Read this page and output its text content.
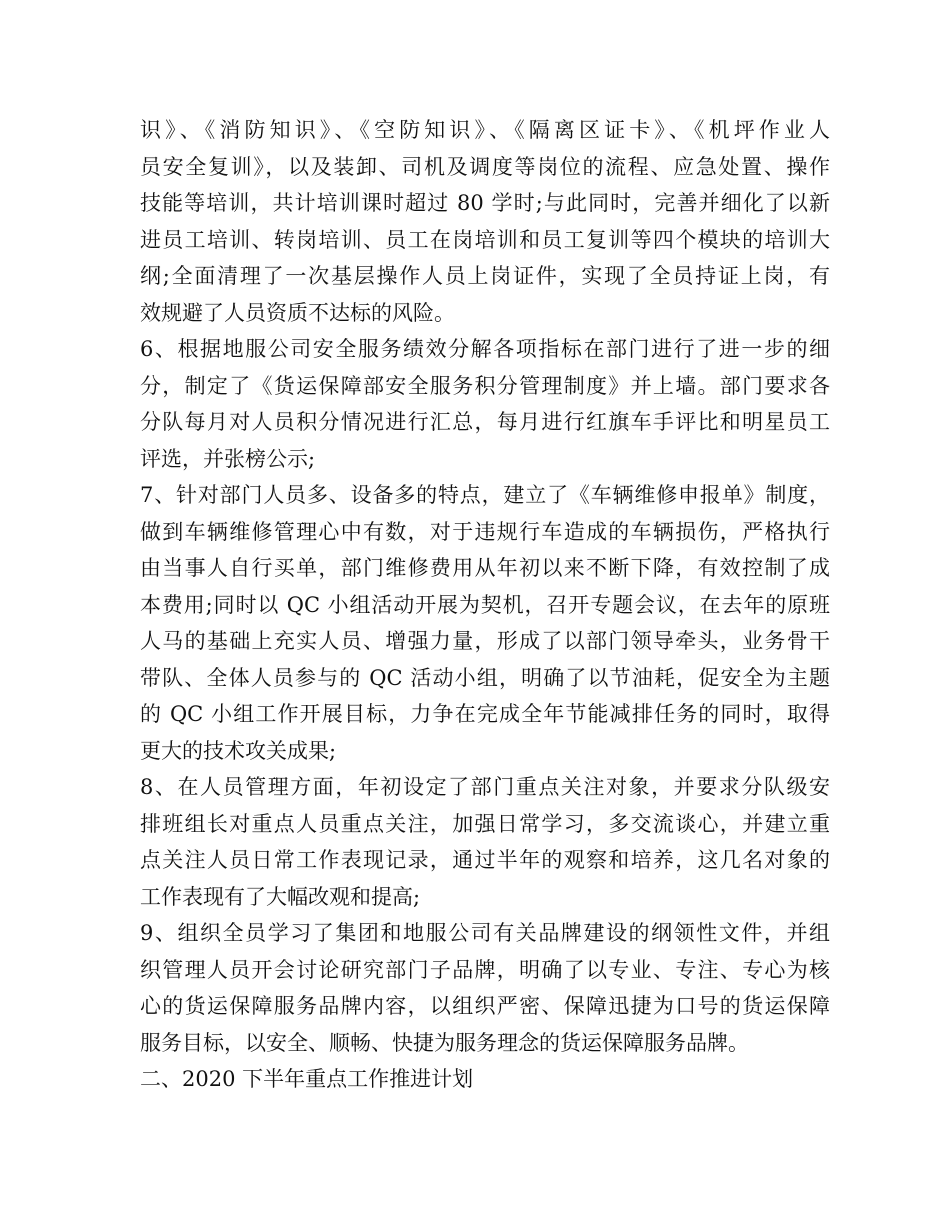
识》、《消防知识》、《空防知识》、《隔离区证卡》、《机坪作业人
员安全复训》，以及装卸、司机及调度等岗位的流程、应急处置、操作
技能等培训，共计培训课时超过 80 学时;与此同时，完善并细化了以新
进员工培训、转岗培训、员工在岗培训和员工复训等四个模块的培训大
纲;全面清理了一次基层操作人员上岗证件，实现了全员持证上岗，有
效规避了人员资质不达标的风险。
6、根据地服公司安全服务绩效分解各项指标在部门进行了进一步的细
分，制定了《货运保障部安全服务积分管理制度》并上墙。部门要求各
分队每月对人员积分情况进行汇总，每月进行红旗车手评比和明星员工
评选，并张榜公示;
7、针对部门人员多、设备多的特点，建立了《车辆维修申报单》制度，
做到车辆维修管理心中有数，对于违规行车造成的车辆损伤，严格执行
由当事人自行买单，部门维修费用从年初以来不断下降，有效控制了成
本费用;同时以 QC 小组活动开展为契机，召开专题会议，在去年的原班
人马的基础上充实人员、增强力量，形成了以部门领导牵头，业务骨干
带队、全体人员参与的 QC 活动小组，明确了以节油耗，促安全为主题
的 QC 小组工作开展目标，力争在完成全年节能减排任务的同时，取得
更大的技术攻关成果;
8、在人员管理方面，年初设定了部门重点关注对象，并要求分队级安
排班组长对重点人员重点关注，加强日常学习，多交流谈心，并建立重
点关注人员日常工作表现记录，通过半年的观察和培养，这几名对象的
工作表现有了大幅改观和提高;
9、组织全员学习了集团和地服公司有关品牌建设的纲领性文件，并组
织管理人员开会讨论研究部门子品牌，明确了以专业、专注、专心为核
心的货运保障服务品牌内容，以组织严密、保障迅捷为口号的货运保障
服务目标，以安全、顺畅、快捷为服务理念的货运保障服务品牌。
二、2020 下半年重点工作推进计划
